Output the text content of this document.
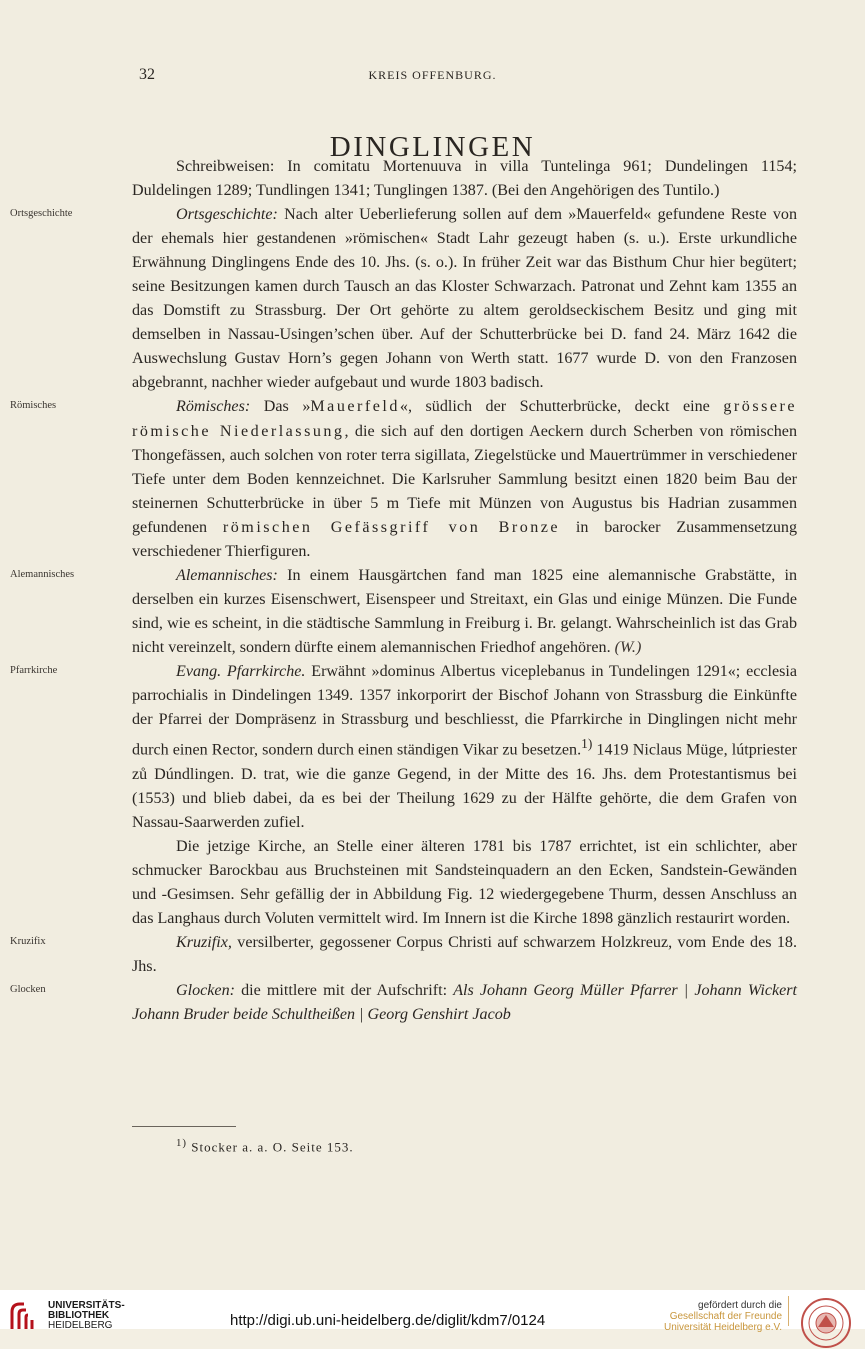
32	KREIS OFFENBURG.
DINGLINGEN

Schreibweisen: In comitatu Mortenuuva in villa Tuntelinga 961; Dundelingen 1154; Duldelingen 1289; Tundlingen 1341; Tunglingen 1387. (Bei den Angehörigen des Tuntilo.)

Ortsgeschichte	Ortsgeschichte: Nach alter Ueberlieferung sollen auf dem »Mauerfeld« gefundene Reste von der ehemals hier gestandenen »römischen« Stadt Lahr gezeugt haben (s. u.). Erste urkundliche Erwähnung Dinglingens Ende des 10. Jhs. (s. o.). In früher Zeit war das Bisthum Chur hier begütert; seine Besitzungen kamen durch Tausch an das Kloster Schwarzach. Patronat und Zehnt kam 1355 an das Domstift zu Strassburg. Der Ort gehörte zu altem geroldseckischem Besitz und ging mit demselben in Nassau-Usingen’schen über. Auf der Schutterbrücke bei D. fand 24. März 1642 die Auswechslung Gustav Horn’s gegen Johann von Werth statt. 1677 wurde D. von den Franzosen abgebrannt, nachher wieder aufgebaut und wurde 1803 badisch.

Römisches	Römisches: Das »Mauerfeld«, südlich der Schutterbrücke, deckt eine grössere römische Niederlassung, die sich auf den dortigen Aeckern durch Scherben von römischen Thongefässen, auch solchen von roter terra sigillata, Ziegelstücke und Mauertrümmer in verschiedener Tiefe unter dem Boden kennzeichnet. Die Karlsruher Sammlung besitzt einen 1820 beim Bau der steinernen Schutterbrücke in über 5 m Tiefe mit Münzen von Augustus bis Hadrian zusammen gefundenen römischen Gefässgriff von Bronze in barocker Zusammensetzung verschiedener Thierfiguren.

Alemannisches	Alemannisches: In einem Hausgärtchen fand man 1825 eine alemannische Grabstätte, in derselben ein kurzes Eisenschwert, Eisenspeer und Streitaxt, ein Glas und einige Münzen. Die Funde sind, wie es scheint, in die städtische Sammlung in Freiburg i. Br. gelangt. Wahrscheinlich ist das Grab nicht vereinzelt, sondern dürfte einem alemannischen Friedhof angehören. (W.)

Pfarrkirche	Evang. Pfarrkirche. Erwähnt »dominus Albertus viceplebanus in Tundelingen 1291«; ecclesia parrochialis in Dindelingen 1349. 1357 inkorporirt der Bischof Johann von Strassburg die Einkünfte der Pfarrei der Dompräsenz in Strassburg und beschliesst, die Pfarrkirche in Dinglingen nicht mehr durch einen Rector, sondern durch einen ständigen Vikar zu besetzen.$^{1)}$ 1419 Niclaus Müge, lútpriester zů Dúndlingen. D. trat, wie die ganze Gegend, in der Mitte des 16. Jhs. dem Protestantismus bei (1553) und blieb dabei, da es bei der Theilung 1629 zu der Hälfte gehörte, die dem Grafen von Nassau-Saarwerden zufiel.

Die jetzige Kirche, an Stelle einer älteren 1781 bis 1787 errichtet, ist ein schlichter, aber schmucker Barockbau aus Bruchsteinen mit Sandsteinquadern an den Ecken, Sandstein-Gewänden und -Gesimsen. Sehr gefällig der in Abbildung Fig. 12 wiedergegebene Thurm, dessen Anschluss an das Langhaus durch Voluten vermittelt wird. Im Innern ist die Kirche 1898 gänzlich restaurirt worden.

Kruzifix	Kruzifix, versilberter, gegossener Corpus Christi auf schwarzem Holzkreuz, vom Ende des 18. Jhs.

Glocken	Glocken: die mittlere mit der Aufschrift: Als Johann Georg Müller Pfarrer | Johann Wickert Johann Bruder beide Schultheißen | Georg Genshirt Jacob

$^{1)}$ Stocker a. a. O. Seite 153.
UNIVERSITÄTS-
BIBLIOTHEK
HEIDELBERG	http://digi.ub.uni-heidelberg.de/diglit/kdm7/0124
gefördert durch die
Gesellschaft der Freunde
Universität Heidelberg e.V.
